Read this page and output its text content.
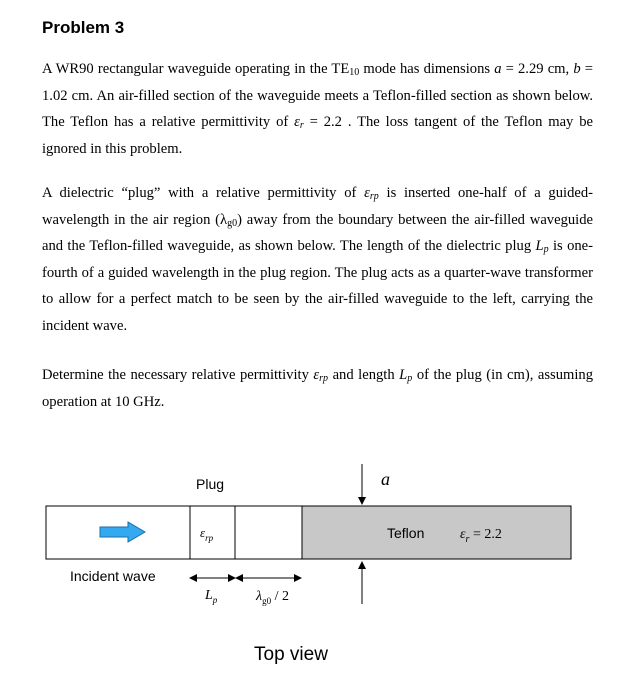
Problem 3

A WR90 rectangular waveguide operating in the $TE_{10}$ mode has dimensions a = 2.29 cm, b = 1.02 cm. An air-filled section of the waveguide meets a Teflon-filled section as shown below. The Teflon has a relative permittivity of $\varepsilon_r = 2.2$ . The loss tangent of the Teflon may be ignored in this problem.

A dielectric “plug” with a relative permittivity of $\varepsilon_{rp}$ is inserted one-half of a guided-wavelength in the air region $(\lambda_{g0})$ away from the boundary between the air-filled waveguide and the Teflon-filled waveguide, as shown below. The length of the dielectric plug $L_p$ is one-fourth of a guided wavelength in the plug region. The plug acts as a quarter-wave transformer to allow for a perfect match to be seen by the air-filled waveguide to the left, carrying the incident wave.

Determine the necessary relative permittivity $\varepsilon_{rp}$ and length $L_p$ of the plug (in cm), assuming operation at 10 GHz.

Plug
$\varepsilon_{rp}$
a
Teflon	$\varepsilon_r = 2.2$
Incident wave
$L_p$	$\lambda_{g0} / 2$
Top view
